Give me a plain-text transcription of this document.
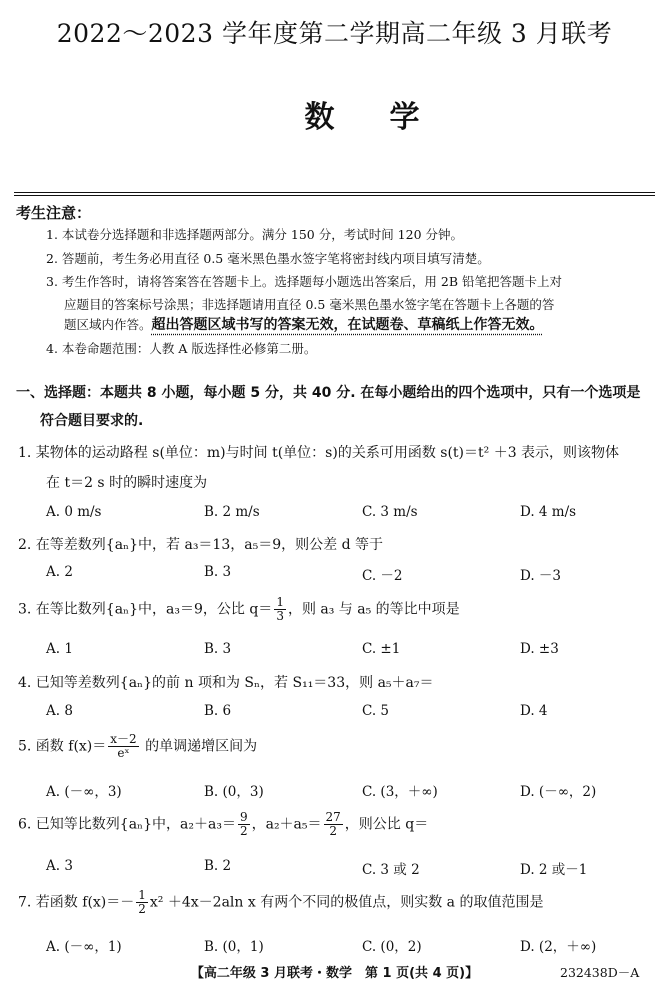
2022～2023 学年度第二学期高二年级 3 月联考
数学
考生注意：
1. 本试卷分选择题和非选择题两部分。满分 150 分，考试时间 120 分钟。
2. 答题前，考生务必用直径 0.5 毫米黑色墨水签字笔将密封线内项目填写清楚。
3. 考生作答时，请将答案答在答题卡上。选择题每小题选出答案后，用 2B 铅笔把答题卡上对
应题目的答案标号涂黑；非选择题请用直径 0.5 毫米黑色墨水签字笔在答题卡上各题的答
题区域内作答。超出答题区域书写的答案无效，在试题卷、草稿纸上作答无效。
4. 本卷命题范围：人教 A 版选择性必修第二册。
一、选择题：本题共 8 小题，每小题 5 分，共 40 分. 在每小题给出的四个选项中，只有一个选项是
符合题目要求的.
1. 某物体的运动路程 s(单位：m)与时间 t(单位：s)的关系可用函数 s(t)＝t² ＋3 表示，则该物体
在 t＝2 s 时的瞬时速度为
A. 0 m/s	B. 2 m/s	C. 3 m/s	D. 4 m/s
2. 在等差数列{aₙ}中，若 a₃＝13，a₅＝9，则公差 d 等于
A. 2	B. 3	C. －2	D. －3
3. 在等比数列{aₙ}中，a₃＝9，公比 $q= \frac{1}{3}$ ，则 a₃ 与 a₅ 的等比中项是
A. 1	B. 3	C. ±1	D. ±3
4. 已知等差数列{aₙ}的前 n 项和为 Sₙ，若 S₁₁＝33，则 a₅＋a₇＝
A. 8	B. 6	C. 5	D. 4
5. 函数 $f(x)= \frac{x-2}{\text{eˣ}}$ 的单调递增区间为
A. (－∞，3)	B. (0，3)	C. (3，＋∞)	D. (－∞，2)
6. 已知等比数列{aₙ}中，$a_2+a_3= \frac{9}{2}$ ，$a_2+a_5= \frac{27}{2}$ ，则公比 q＝
A. 3	B. 2	C. 3 或 2	D. 2 或－1
7. 若函数 $f(x)=- \frac{1}{2} x^2 +4x-2aln$ x 有两个不同的极值点，则实数 a 的取值范围是
A. (－∞，1)	B. (0，1)	C. (0，2)	D. (2，＋∞)
【高二年级 3 月联考・数学　第 1 页(共 4 页)】	232438D－A
